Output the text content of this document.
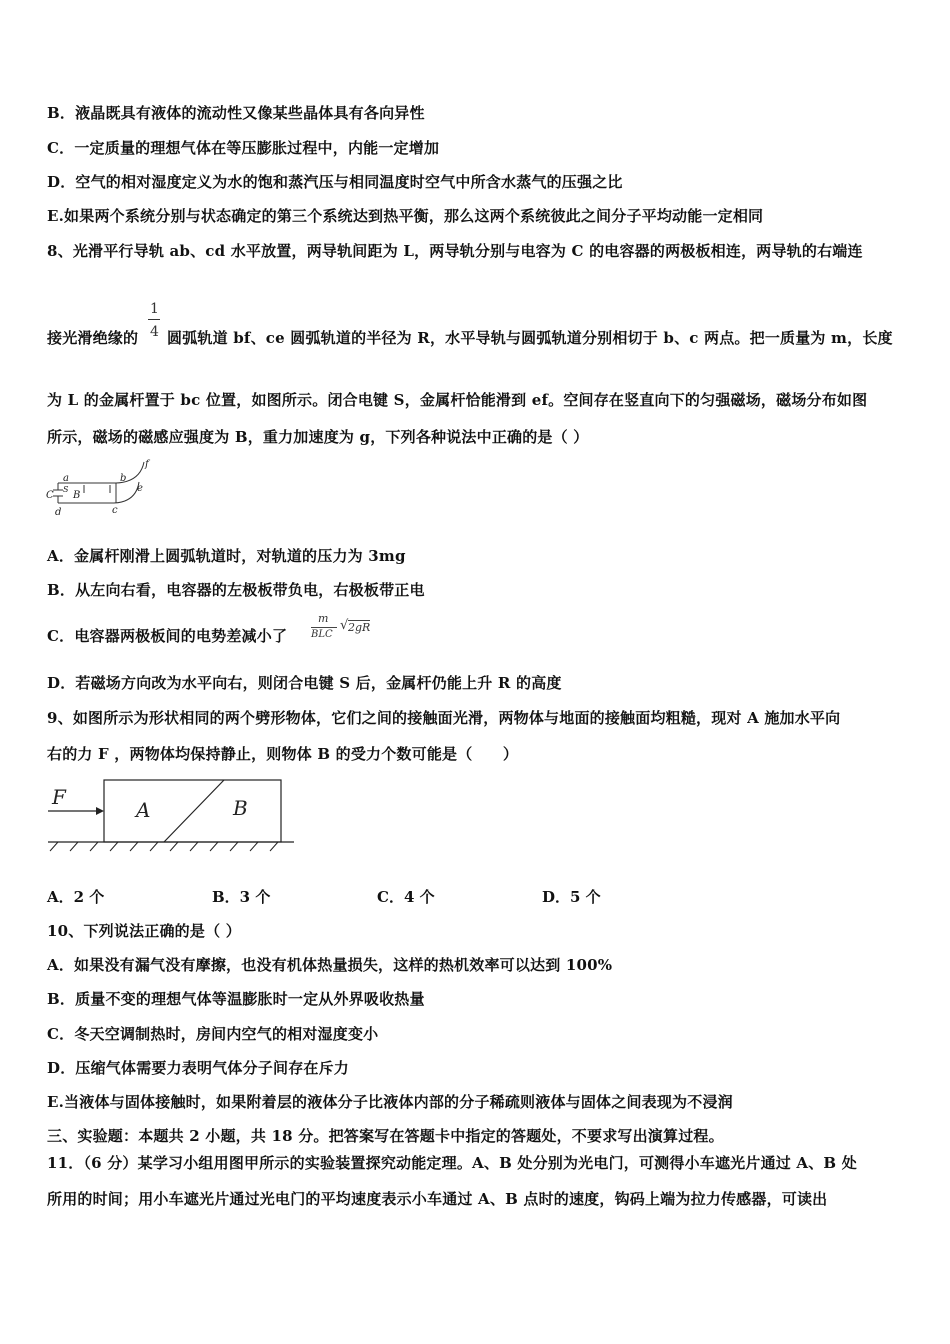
B．液晶既具有液体的流动性又像某些晶体具有各向异性
C．一定质量的理想气体在等压膨胀过程中，内能一定增加
D．空气的相对湿度定义为水的饱和蒸汽压与相同温度时空气中所含水蒸气的压强之比
E.如果两个系统分别与状态确定的第三个系统达到热平衡，那么这两个系统彼此之间分子平均动能一定相同
8、光滑平行导轨 ab、cd 水平放置，两导轨间距为 L，两导轨分别与电容为 C 的电容器的两极板相连，两导轨的右端连
1
4
接光滑绝缘的 圆弧轨道 bf、ce 圆弧轨道的半径为 R，水平导轨与圆弧轨道分别相切于 b、c 两点。把一质量为 m，长度
为 L 的金属杆置于 bc 位置，如图所示。闭合电键 S，金属杆恰能滑到 ef。空间存在竖直向下的匀强磁场，磁场分布如图
所示，磁场的磁感应强度为 B，重力加速度为 g，下列各种说法中正确的是（ ）
a	b
c
d
e
f
C
S
B
A．金属杆刚滑上圆弧轨道时，对轨道的压力为 3mg
B．从左向右看，电容器的左极板带负电，右极板带正电
C．电容器两极板间的电势差减小了
m
BLC
√ 2gR
D．若磁场方向改为水平向右，则闭合电键 S 后，金属杆仍能上升 R 的高度
9、如图所示为形状相同的两个劈形物体，它们之间的接触面光滑，两物体与地面的接触面均粗糙，现对 A 施加水平向
右的力 F ，两物体均保持静止，则物体 B 的受力个数可能是（　　）
F
A	B
A．2 个	B．3 个	C．4 个	D．5 个
10、下列说法正确的是（ ）
A．如果没有漏气没有摩擦，也没有机体热量损失，这样的热机效率可以达到 100%
B．质量不变的理想气体等温膨胀时一定从外界吸收热量
C．冬天空调制热时，房间内空气的相对湿度变小
D．压缩气体需要力表明气体分子间存在斥力
E.当液体与固体接触时，如果附着层的液体分子比液体内部的分子稀疏则液体与固体之间表现为不浸润
三、实验题：本题共 2 小题，共 18 分。把答案写在答题卡中指定的答题处，不要求写出演算过程。
11．（6 分）某学习小组用图甲所示的实验装置探究动能定理。A、B 处分别为光电门，可测得小车遮光片通过 A、B 处
所用的时间；用小车遮光片通过光电门的平均速度表示小车通过 A、B 点时的速度，钩码上端为拉力传感器，可读出
